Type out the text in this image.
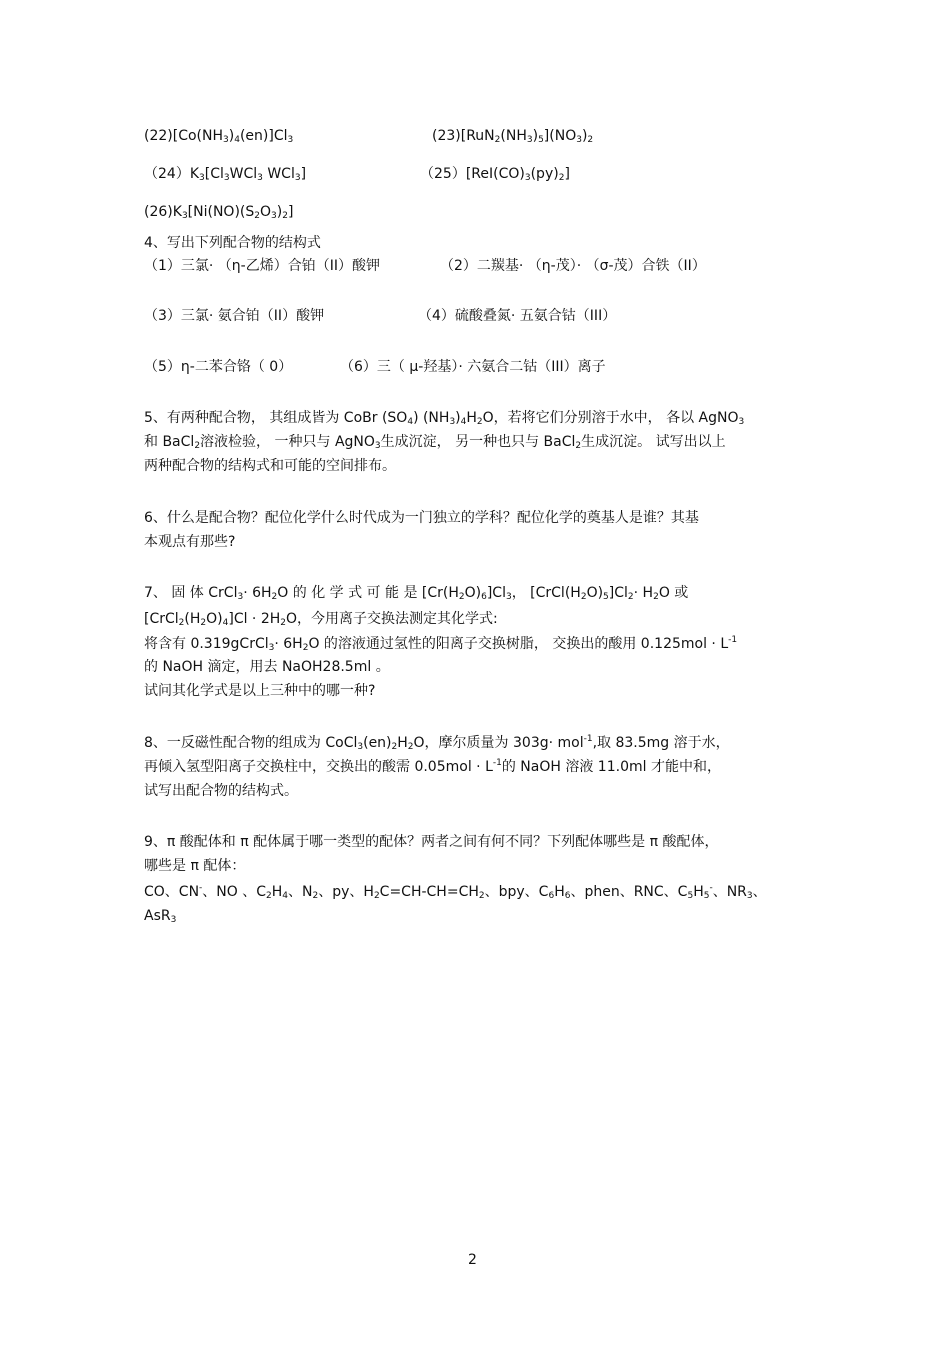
$(22)[Co(NH_3)_4(en)]Cl_3$	$(23)[RuN_2(NH_3)_5](NO_3)_2$
$(24)K_3[Cl_3WCl_3$ WCl$_3$]	$(25)[ReI(CO)_3(py)_2]$
$(26)K_3[Ni(NO)(S_2O_3)_2]$
4、写出下列配合物的结构式
（1）三氯· （η-乙烯）合铂（II）酸钾	（2）二羰基· （η-茂）· （σ-茂）合铁（II）
（3）三氯· 氨合铂（II）酸钾	（4）硫酸叠氮· 五氨合钴（III）
（5）η-二苯合铬（ 0）	（6）三（ μ-羟基）· 六氨合二钴（III）离子
5、有两种配合物， 其组成皆为 CoBr $(SO_4)$ $(NH_3)_4H_2O$，若将它们分别溶于水中， 各以 AgNO$_3$
和 BaCl$_2$溶液检验， 一种只与 AgNO$_3$生成沉淀， 另一种也只与 BaCl$_2$生成沉淀。 试写出以上
两种配合物的结构式和可能的空间排布。
6、什么是配合物？配位化学什么时代成为一门独立的学科？配位化学的奠基人是谁？其基
本观点有那些?
7、 固 体 CrCl$_3$· $6H_2O$ 的 化 学 式 可 能 是 $[Cr(H_2O)_6]Cl_3$， $[CrCl(H_2O)_5]Cl_2\cdot H_2O$ 或
$[CrCl_2(H_2O)_4]Cl \cdot 2H_2O$，今用离子交换法测定其化学式:
将含有 0.319gCrCl$_3$· $6H_2O$ 的溶液通过氢性的阳离子交换树脂， 交换出的酸用 $0.125mol \cdot L^{-1}$
的 NaOH 滴定，用去 NaOH28.5ml 。
试问其化学式是以上三种中的哪一种?
8、一反磁性配合物的组成为 $CoCl_3(en)_2H_2O$，摩尔质量为 303g· mol$^{-1}$,取 83.5mg 溶于水，
再倾入氢型阳离子交换柱中，交换出的酸需 $0.05mol \cdot L^{-1}$的 NaOH 溶液 11.0ml 才能中和，
试写出配合物的结构式。
9、π 酸配体和 π 配体属于哪一类型的配体？两者之间有何不同？下列配体哪些是 π 酸配体，
哪些是 π 配体：
CO、CN-、NO 、$C_2H_4$、$N_2$、py、$H_2C=CH-CH=CH_2$、bpy、$C_6H_6$、phen、RNC、$C_5H_5^-$、$NR_3$、
AsR$_3$
2
